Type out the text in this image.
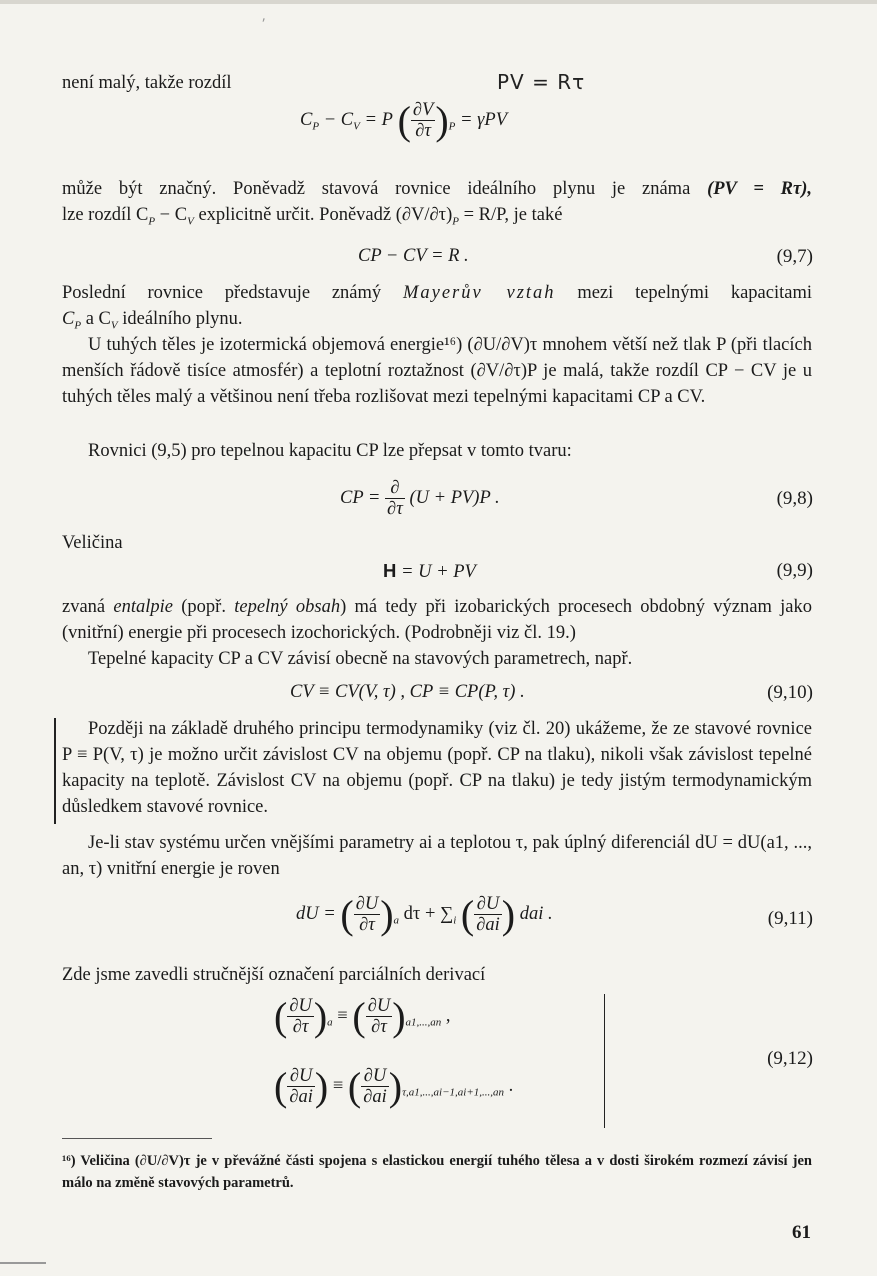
⸴
není malý, takže rozdíl	PV = Rτ
$C_P - C_V = P$ ( $\frac{\partial V}{\partial\tau} )_P = \gamma PV$
může být značný. Poněvadž stavová rovnice ideálního plynu je známa (PV = Rτ),
lze rozdíl $C_P - C_V$ explicitně určit. Poněvadž $(\partial V/\partial\tau)_P = R/P$, je také
CP − CV = R .	(9,7)
Poslední rovnice představuje známý Mayerův vztah mezi tepelnými kapacitami
$C_P$ a $C_V$ ideálního plynu.
U tuhých těles je izotermická objemová energie¹⁶) (∂U/∂V)τ mnohem větší než tlak P (při tlacích menších řádově tisíce atmosfér) a teplotní roztažnost (∂V/∂τ)P je malá, takže rozdíl CP − CV je u tuhých těles malý a většinou není třeba rozlišovat mezi tepelnými kapacitami CP a CV.
Rovnici (9,5) pro tepelnou kapacitu CP lze přepsat v tomto tvaru:
CP = $\frac{\partial}{\partial\tau} (U + PV)P$ .	(9,8)
Veličina
H = U + PV	(9,9)
zvaná entalpie (popř. tepelný obsah) má tedy při izobarických procesech obdobný význam jako (vnitřní) energie při procesech izochorických. (Podrobněji viz čl. 19.)
Tepelné kapacity CP a CV závisí obecně na stavových parametrech, např.
CV ≡ CV(V, τ) , CP ≡ CP(P, τ) .	(9,10)
Později na základě druhého principu termodynamiky (viz čl. 20) ukážeme, že ze stavové rovnice P ≡ P(V, τ) je možno určit závislost CV na objemu (popř. CP na tlaku), nikoli však závislost tepelné kapacity na teplotě. Závislost CV na objemu (popř. CP na tlaku) je tedy jistým termodynamickým důsledkem stavové rovnice.
Je-li stav systému určen vnějšími parametry ai a teplotou τ, pak úplný diferenciál dU = dU(a1, ..., an, τ) vnitřní energie je roven
dU = ( $\frac{\partial U}{\partial\tau} )_a$ $d\tau + \sum_i$ ( $\frac{\partial U}{\partial ai}$ ) dai .	(9,11)
Zde jsme zavedli stručnější označení parciálních derivací
( $\frac{\partial U}{\partial\tau} )_a$ ≡ ( $\frac{\partial U}{\partial\tau} )_{a1,...,an}$ ,
( $\frac{\partial U}{\partial ai}$ ) ≡ ( $\frac{\partial U}{\partial ai} )_{\tau,a1,...,ai-1,ai+1,...,an}$ .
(9,12)
¹⁶) Veličina (∂U/∂V)τ je v převážné části spojena s elastickou energií tuhého tělesa a v dosti širokém rozmezí závisí jen málo na změně stavových parametrů.
61
